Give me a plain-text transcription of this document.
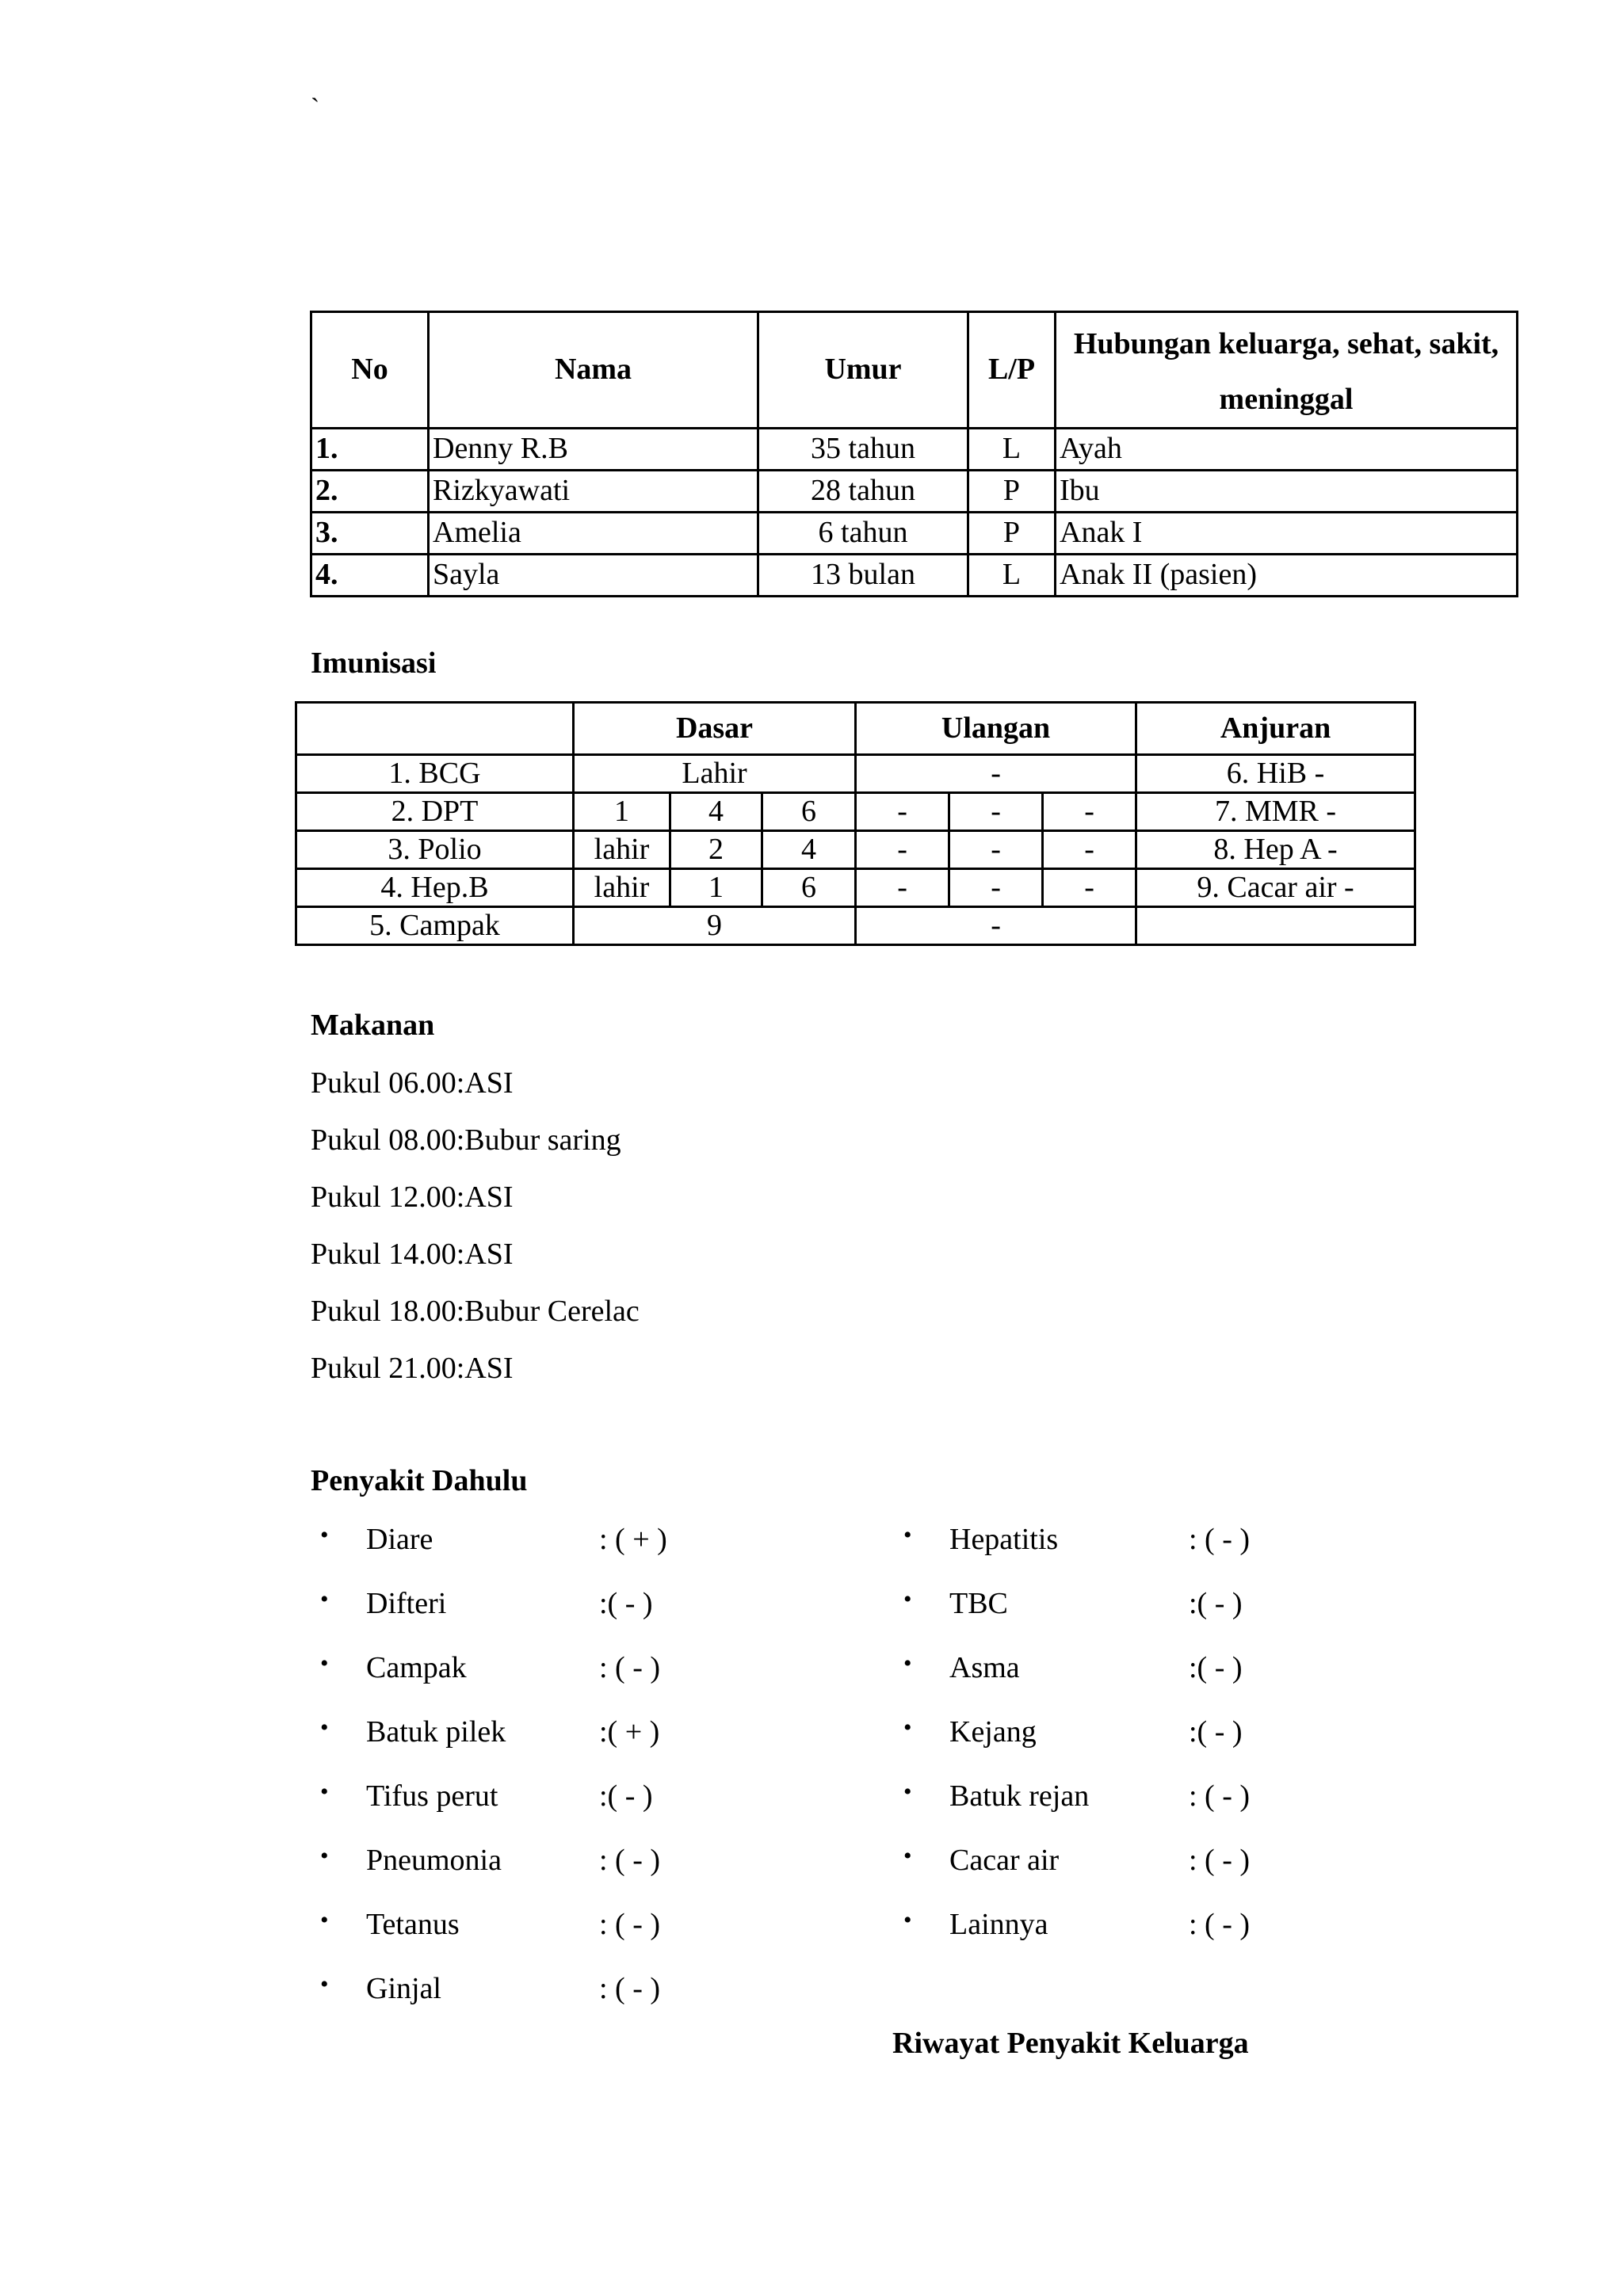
`
No	Nama	Umur	L/P	Hubungan keluarga, sehat, sakit, meninggal
1.	Denny R.B	35 tahun	L	Ayah
2.	Rizkyawati	28 tahun	P	Ibu
3.	Amelia	6 tahun	P	Anak I
4.	Sayla	13 bulan	L	Anak II (pasien)
Imunisasi
	Dasar			Ulangan			Anjuran
1. BCG	Lahir			-			6. HiB -
2. DPT	1	4	6	-	-	-	7. MMR -
3. Polio	lahir	2	4	-	-	-	8. Hep A -
4. Hep.B	lahir	1	6	-	-	-	9. Cacar air -
5. Campak	9			-			
Makanan
Pukul 06.00:ASI
Pukul 08.00:Bubur saring
Pukul 12.00:ASI
Pukul 14.00:ASI
Pukul 18.00:Bubur Cerelac
Pukul 21.00:ASI
Penyakit Dahulu
• Diare	: ( + )
• Difteri	:( - )
• Campak	: ( - )
• Batuk pilek	:( + )
• Tifus perut	:( - )
• Pneumonia	: ( - )
• Tetanus	: ( - )
• Ginjal	: ( - )
• Hepatitis	: ( - )
• TBC	:( - )
• Asma	:( - )
• Kejang	:( - )
• Batuk rejan	: ( - )
• Cacar air	: ( - )
• Lainnya	: ( - )
Riwayat Penyakit Keluarga
